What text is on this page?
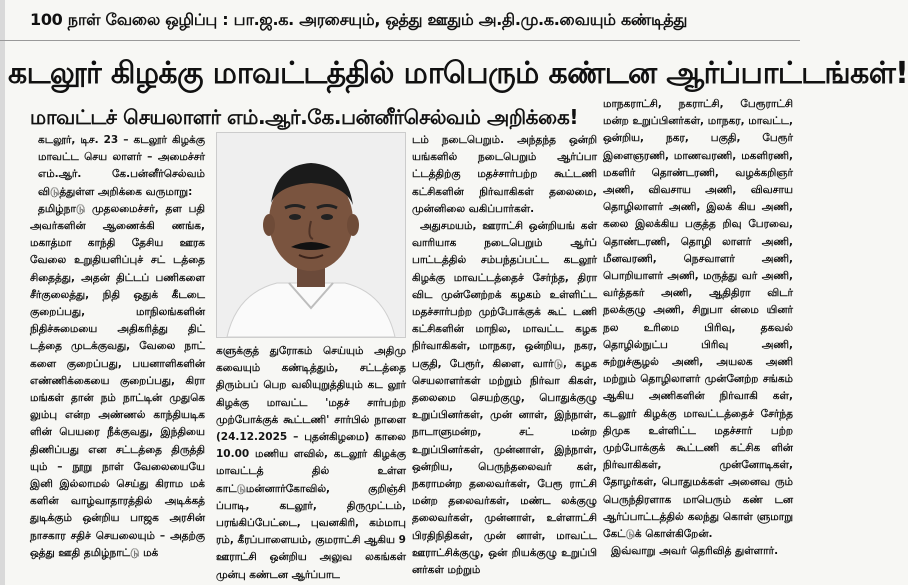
100 நாள் வேலை ஒழிப்பு : பா.ஜ.க. அரசையும், ஒத்து ஊதும் அ.தி.மு.க.வையும் கண்டித்து
கடலூர் கிழக்கு மாவட்டத்தில் மாபெரும் கண்டன ஆர்ப்பாட்டங்கள்!
மாவட்டச் செயலாளர் எம்.ஆர்.கே.பன்னீர்செல்வம் அறிக்கை!

கடலூர், டிச. 23 – கடலூர் கிழக்கு மாவட்ட செய லாளர் – அமைச்சர் எம்.ஆர். கே.பன்னீர்செல்வம் விடுத்துள்ள அறிக்கை வருமாறு:

தமிழ்நாடு முதலமைச்சர், தள பதி அவர்களின் ஆணைக்கி ணங்க, மகாத்மா காந்தி தேசிய ஊரக வேலை உறுதியளிப்புச் சட் டத்தை சிதைத்து, அதன் திட்டப் பணிகளை சீர்குலைத்து, நிதி ஒதுக் கீடடை குறைப்பது, மாநிலங்களின் நிதிச்சுமையை அதிகரித்து திட் டத்தை முடக்குவது, வேலை நாட் களை குறைப்பது, பயனாளிகளின் எண்ணிக்கையை குறைப்பது, கிரா மங்கள் தான் நம் நாட்டின் முதுகெ லும்பு என்ற அண்ணல் காந்தியடிக ளின் பெயரை நீக்குவது, இந்தியை திணிப்பது என சட்டத்தை திருத்தி யும் – நூறு நாள் வேலையையே இனி இல்லாமல் செய்து கிராம மக் களின் வாழ்வாதாரத்தில் அடிக்கத் துடிக்கும் ஒன்றிய பாஜக அரசின் நாசகார சதிச் செயலையும் – அதற்கு ஒத்து ஊதி தமிழ்நாட்டு மக்

களுக்குத் துரோகம் செய்யும் அதிமு கவையும் கண்டித்தும், சட்டத்தை திரும்பப் பெற வலியுறுத்தியும் கட லூர் கிழக்கு மாவட்ட 'மதச் சார்பற்ற முற்போக்குக் கூட்டணி' சார்பில் நாளை (24.12.2025 – புதன்கிழமை) காலை 10.00 மணிய ளவில், கடலூர் கிழக்கு மாவட்டத் தில் உள்ள காட்டுமன்னார்கோவில், குறிஞ்சி ப்பாடி, கடலூர், திருமுட்டம், பரங்கிப்பேட்டை, புவனகிரி, கம்மாபு ரம், கீரப்பாளையம், குமராட்சி ஆகிய 9 ஊராட்சி ஒன்றிய அலுவ லகங்கள் முன்பு கண்டன ஆர்ப்பாட

டம் நடைபெறும். அந்தந்த ஒன்றி யங்களில் நடைபெறும் ஆர்ப்பா ட்டத்திற்கு மதச்சார்பற்ற கூட்டணி கட்சிகளின் நிர்வாகிகள் தலைமை, முன்னிலை வகிப்பார்கள்.

அதுசமயம், ஊராட்சி ஒன்றியங் கள் வாரியாக நடைபெறும் ஆர்ப் பாட்டத்தில் சம்பந்தப்பட்ட கடலூர் கிழக்கு மாவட்டத்தைச் சேர்ந்த, திரா விட முன்னேற்றக் கழகம் உள்ளிட்ட மதச்சார்பற்ற முற்போக்குக் கூட் டணி கட்சிகளின் மாநில, மாவட்ட கழக நிர்வாகிகள், மாநகர, ஒன்றிய, நகர, பகுதி, பேரூர், கிளை, வார்டு, கழக செயலாளர்கள் மற்றும் நிர்வா கிகள், தலைமை செயற்குழு, பொதுக்குழு உறுப்பினர்கள், முன் னாள், இந்நாள், நாடாளுமன்ற, சட் மன்ற உறுப்பினர்கள், முன்னாள், இந்நாள், ஒன்றிய, பெருந்தலைவர் கள், நகராமன்ற தலைவர்கள், பேரூ ராட்சி மன்ற தலைவர்கள், மண்ட லக்குழு தலைவர்கள், முன்னாள், உள்ளாட்சி பிரதிநிதிகள், முன் னாள், மாவட்ட ஊராட்சிக்குழு, ஒன் றியக்குழு உறுப்பி னர்கள் மற்றும்

மாநகராட்சி, நகராட்சி, பேரூராட்சி மன்ற உறுப்பினர்கள், மாநகர, மாவட்ட, ஒன்றிய, நகர, பகுதி, பேரூர் இளைஞரணி, மாணவரணி, மகளிரணி, மகளிர் தொண்டரணி, வழக்கறிஞர் அணி, விவசாய அணி, விவசாய தொழிலாளர் அணி, இலக் கிய அணி, கலை இலக்கிய பகுத்த றிவு பேரவை, தொண்டரணி, தொழி லாளர் அணி, மீனவரணி, நெசவாளர் அணி, பொறியாளர் அணி, மருத்து வர் அணி, வர்த்தகர் அணி, ஆதிதிரா விடர் நலக்குழு அணி, சிறுபா ன்மை யினர் நல உரிமை பிரிவு, தகவல் தொழில்நுட்ப பிரிவு அணி, சுற்றுச்சூழல் அணி, அயலக அணி மற்றும் தொழிலாளர் முன்னேற்ற சங்கம் ஆகிய அணிகளின் நிர்வாகி கள், கடலூர் கிழக்கு மாவட்டத்தைச் சேர்ந்த திமுக உள்ளிட்ட மதச்சார் பற்ற முற்போக்குக் கூட்டணி கட்சிக ளின் நிர்வாகிகள், முன்னோடிகள், தோழர்கள், பொதுமக்கள் அனைவ ரும் பெருந்திரளாக மாபெரும் கண் டன ஆர்ப்பாட்டத்தில் கலந்து கொள் ளுமாறு கேட்டுக் கொள்கிறேன்.

இவ்வாறு அவர் தெரிவித் துள்ளார்.
